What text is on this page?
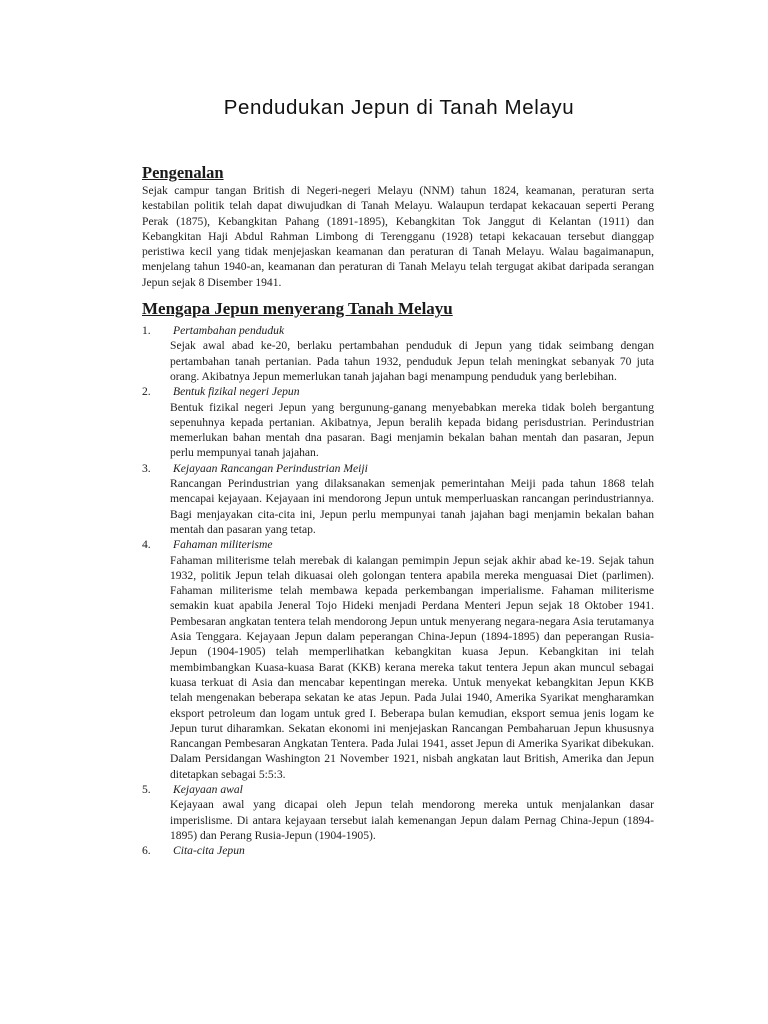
Pendudukan Jepun di Tanah Melayu
Pengenalan

Sejak campur tangan British di Negeri-negeri Melayu (NNM) tahun 1824, keamanan, peraturan serta kestabilan politik telah dapat diwujudkan di Tanah Melayu. Walaupun terdapat kekacauan seperti Perang Perak (1875), Kebangkitan Pahang (1891-1895), Kebangkitan Tok Janggut di Kelantan (1911) dan Kebangkitan Haji Abdul Rahman Limbong di Terengganu (1928) tetapi kekacauan tersebut dianggap peristiwa kecil yang tidak menjejaskan keamanan dan peraturan di Tanah Melayu. Walau bagaimanapun, menjelang tahun 1940-an, keamanan dan peraturan di Tanah Melayu telah tergugat akibat daripada serangan Jepun sejak 8 Disember 1941.

Mengapa Jepun menyerang Tanah Melayu
1. Pertambahan penduduk

Sejak awal abad ke-20, berlaku pertambahan penduduk di Jepun yang tidak seimbang dengan pertambahan tanah pertanian. Pada tahun 1932, penduduk Jepun telah meningkat sebanyak 70 juta orang. Akibatnya Jepun memerlukan tanah jajahan bagi menampung penduduk yang berlebihan.

2. Bentuk fizikal negeri Jepun

Bentuk fizikal negeri Jepun yang bergunung-ganang menyebabkan mereka tidak boleh bergantung sepenuhnya kepada pertanian. Akibatnya, Jepun beralih kepada bidang perisdustrian. Perindustrian memerlukan bahan mentah dna pasaran. Bagi menjamin bekalan bahan mentah dan pasaran, Jepun perlu mempunyai tanah jajahan.

3. Kejayaan Rancangan Perindustrian Meiji

Rancangan Perindustrian yang dilaksanakan semenjak pemerintahan Meiji pada tahun 1868 telah mencapai kejayaan. Kejayaan ini mendorong Jepun untuk memperluaskan rancangan perindustriannya. Bagi menjayakan cita-cita ini, Jepun perlu mempunyai tanah jajahan bagi menjamin bekalan bahan mentah dan pasaran yang tetap.

4. Fahaman militerisme

Fahaman militerisme telah merebak di kalangan pemimpin Jepun sejak akhir abad ke-19. Sejak tahun 1932, politik Jepun telah dikuasai oleh golongan tentera apabila mereka menguasai Diet (parlimen). Fahaman militerisme telah membawa kepada perkembangan imperialisme. Fahaman militerisme semakin kuat apabila Jeneral Tojo Hideki menjadi Perdana Menteri Jepun sejak 18 Oktober 1941. Pembesaran angkatan tentera telah mendorong Jepun untuk menyerang negara-negara Asia terutamanya Asia Tenggara. Kejayaan Jepun dalam peperangan China-Jepun (1894-1895) dan peperangan Rusia-Jepun (1904-1905) telah memperlihatkan kebangkitan kuasa Jepun. Kebangkitan ini telah membimbangkan Kuasa-kuasa Barat (KKB) kerana mereka takut tentera Jepun akan muncul sebagai kuasa terkuat di Asia dan mencabar kepentingan mereka. Untuk menyekat kebangkitan Jepun KKB telah mengenakan beberapa sekatan ke atas Jepun. Pada Julai 1940, Amerika Syarikat mengharamkan eksport petroleum dan logam untuk gred I. Beberapa bulan kemudian, eksport semua jenis logam ke Jepun turut diharamkan. Sekatan ekonomi ini menjejaskan Rancangan Pembaharuan Jepun khususnya Rancangan Pembesaran Angkatan Tentera. Pada Julai 1941, asset Jepun di Amerika Syarikat dibekukan. Dalam Persidangan Washington 21 November 1921, nisbah angkatan laut British, Amerika dan Jepun ditetapkan sebagai 5:5:3.

5. Kejayaan awal

Kejayaan awal yang dicapai oleh Jepun telah mendorong mereka untuk menjalankan dasar imperislisme. Di antara kejayaan tersebut ialah kemenangan Jepun dalam Pernag China-Jepun (1894-1895) dan Perang Rusia-Jepun (1904-1905).

6. Cita-cita Jepun
